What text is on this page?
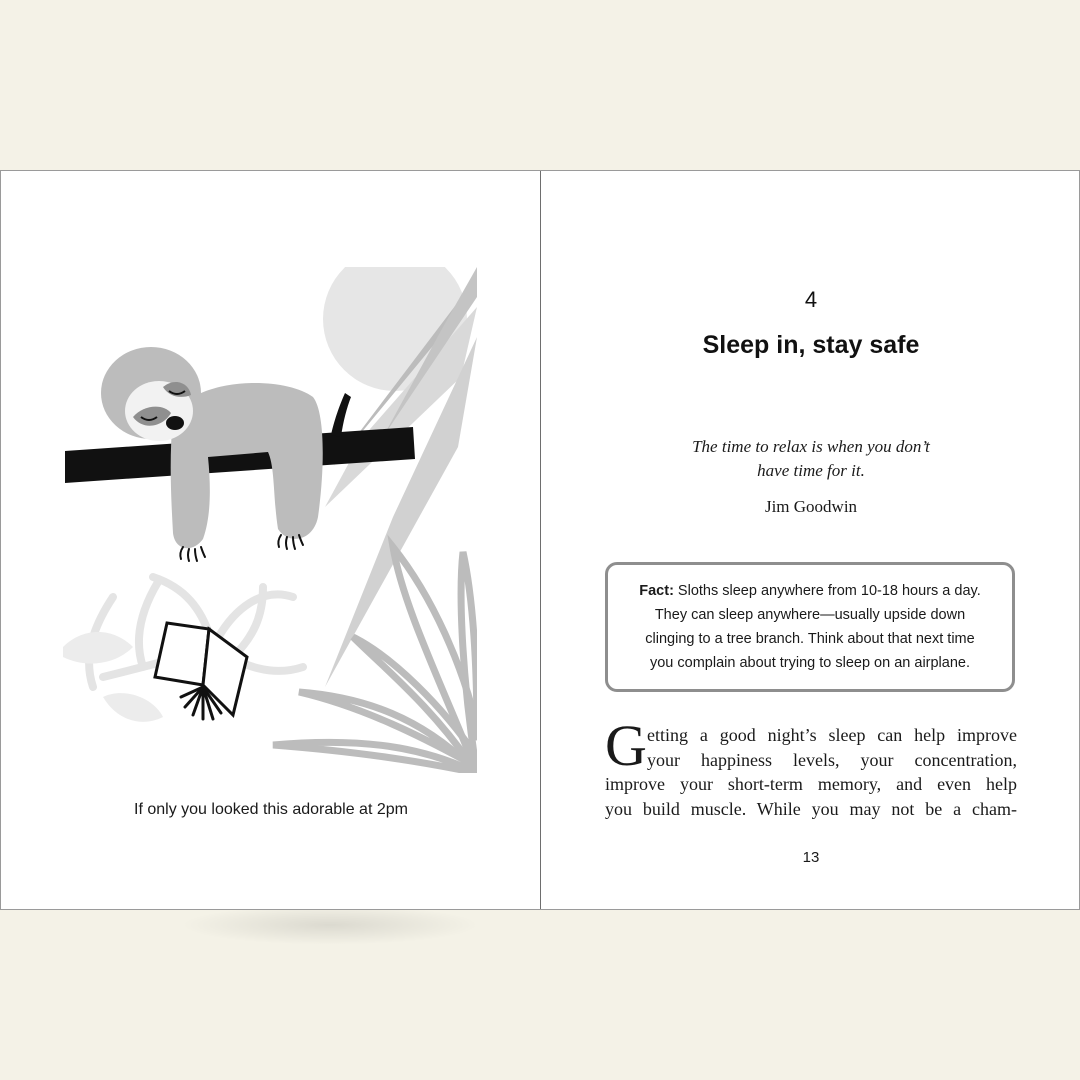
If only you looked this adorable at 2pm
4
Sleep in, stay safe
The time to relax is when you don’t
have time for it.
Jim Goodwin
Fact: Sloths sleep anywhere from 10-18 hours a day.
They can sleep anywhere—usually upside down
clinging to a tree branch. Think about that next time
you complain about trying to sleep on an airplane.
G etting a good night’s sleep can help improve
your happiness levels, your concentration,
improve your short-term memory, and even help
you build muscle. While you may not be a cham-
13
